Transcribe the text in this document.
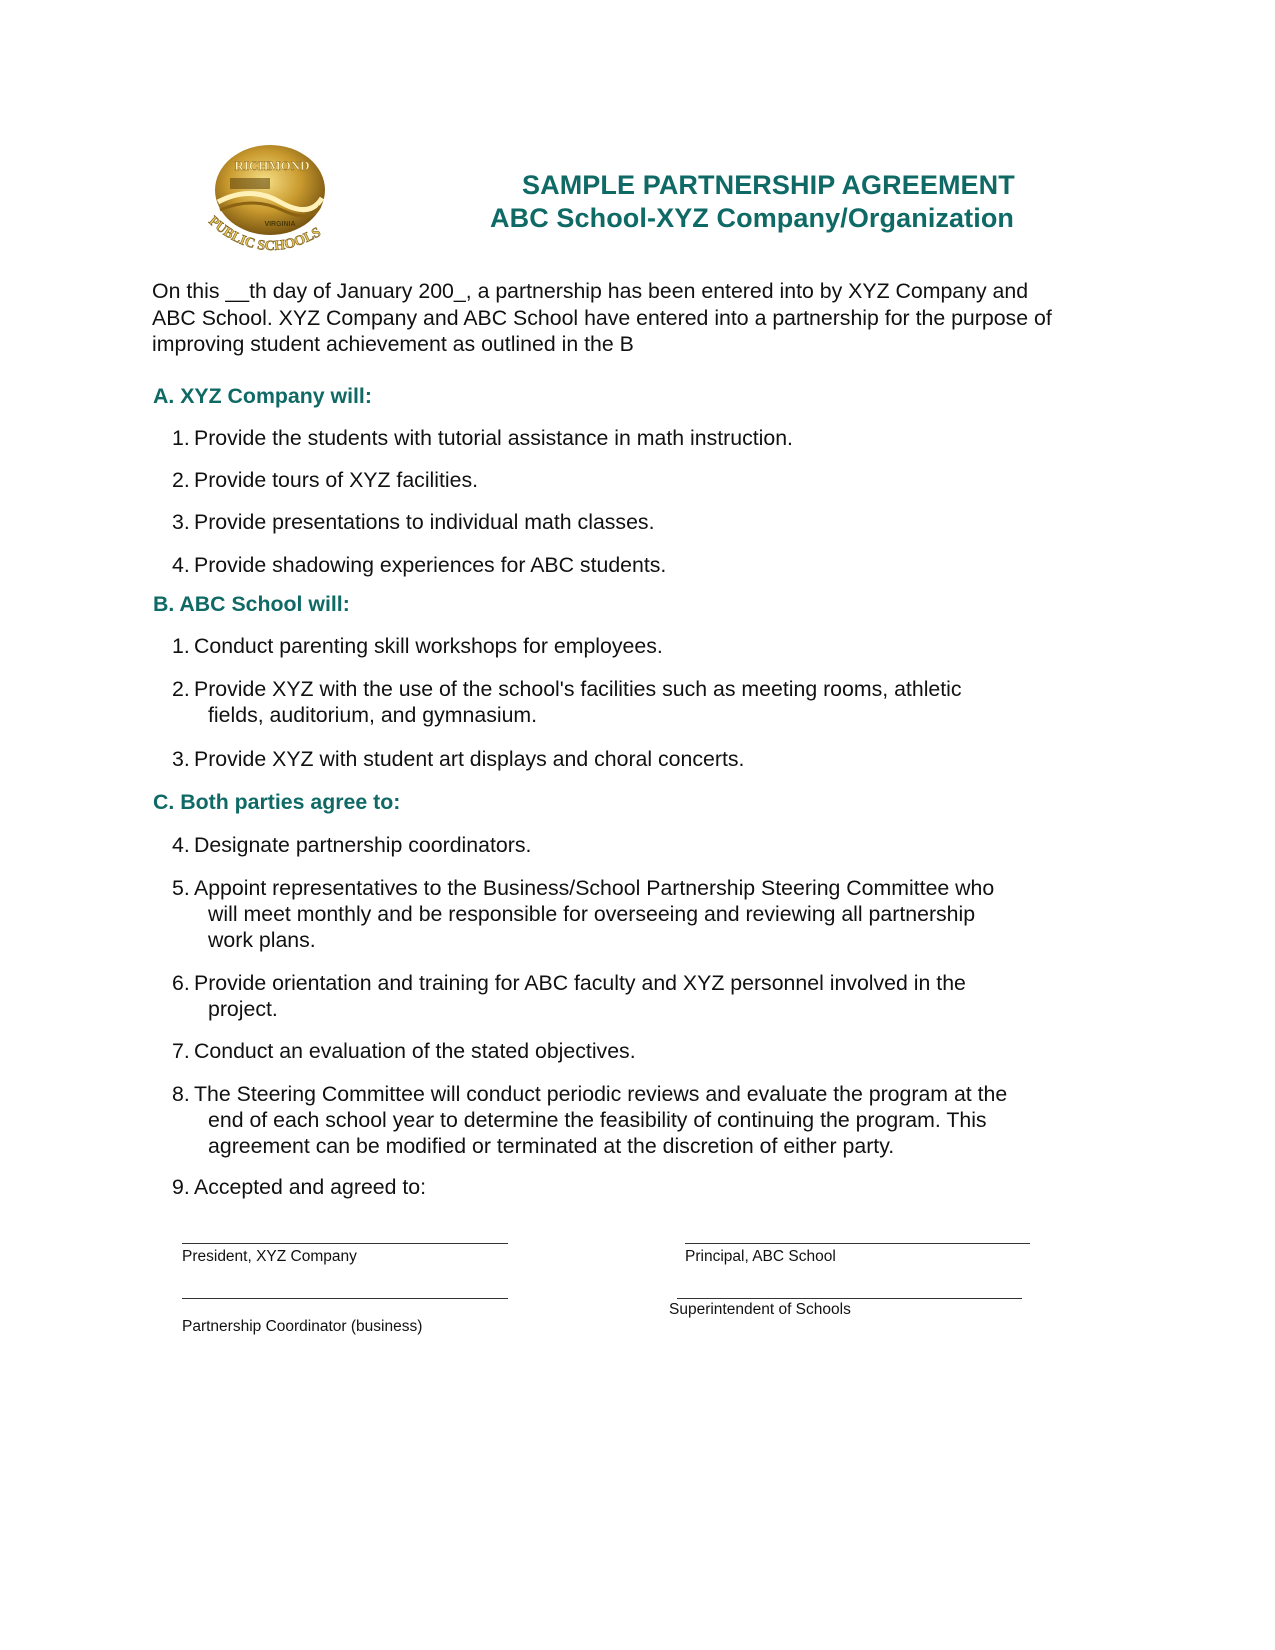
RICHMOND
VIRGINIA
PUBLIC SCHOOLS
SAMPLE PARTNERSHIP AGREEMENT
ABC School-XYZ Company/Organization
On this __th day of January 200_, a partnership has been entered into by XYZ Company and
ABC School. XYZ Company and ABC School have entered into a partnership for the purpose of
improving student achievement as outlined in the B
A. XYZ Company will:
1. Provide the students with tutorial assistance in math instruction.
2. Provide tours of XYZ facilities.
3. Provide presentations to individual math classes.
4. Provide shadowing experiences for ABC students.
B. ABC School will:
1. Conduct parenting skill workshops for employees.
2. Provide XYZ with the use of the school's facilities such as meeting rooms, athletic
fields, auditorium, and gymnasium.
3. Provide XYZ with student art displays and choral concerts.
C. Both parties agree to:
4. Designate partnership coordinators.
5. Appoint representatives to the Business/School Partnership Steering Committee who
will meet monthly and be responsible for overseeing and reviewing all partnership
work plans.
6. Provide orientation and training for ABC faculty and XYZ personnel involved in the
project.
7. Conduct an evaluation of the stated objectives.
8. The Steering Committee will conduct periodic reviews and evaluate the program at the
end of each school year to determine the feasibility of continuing the program. This
agreement can be modified or terminated at the discretion of either party.
9. Accepted and agreed to:
President, XYZ Company	Principal, ABC School
Partnership Coordinator (business)
Superintendent of Schools
